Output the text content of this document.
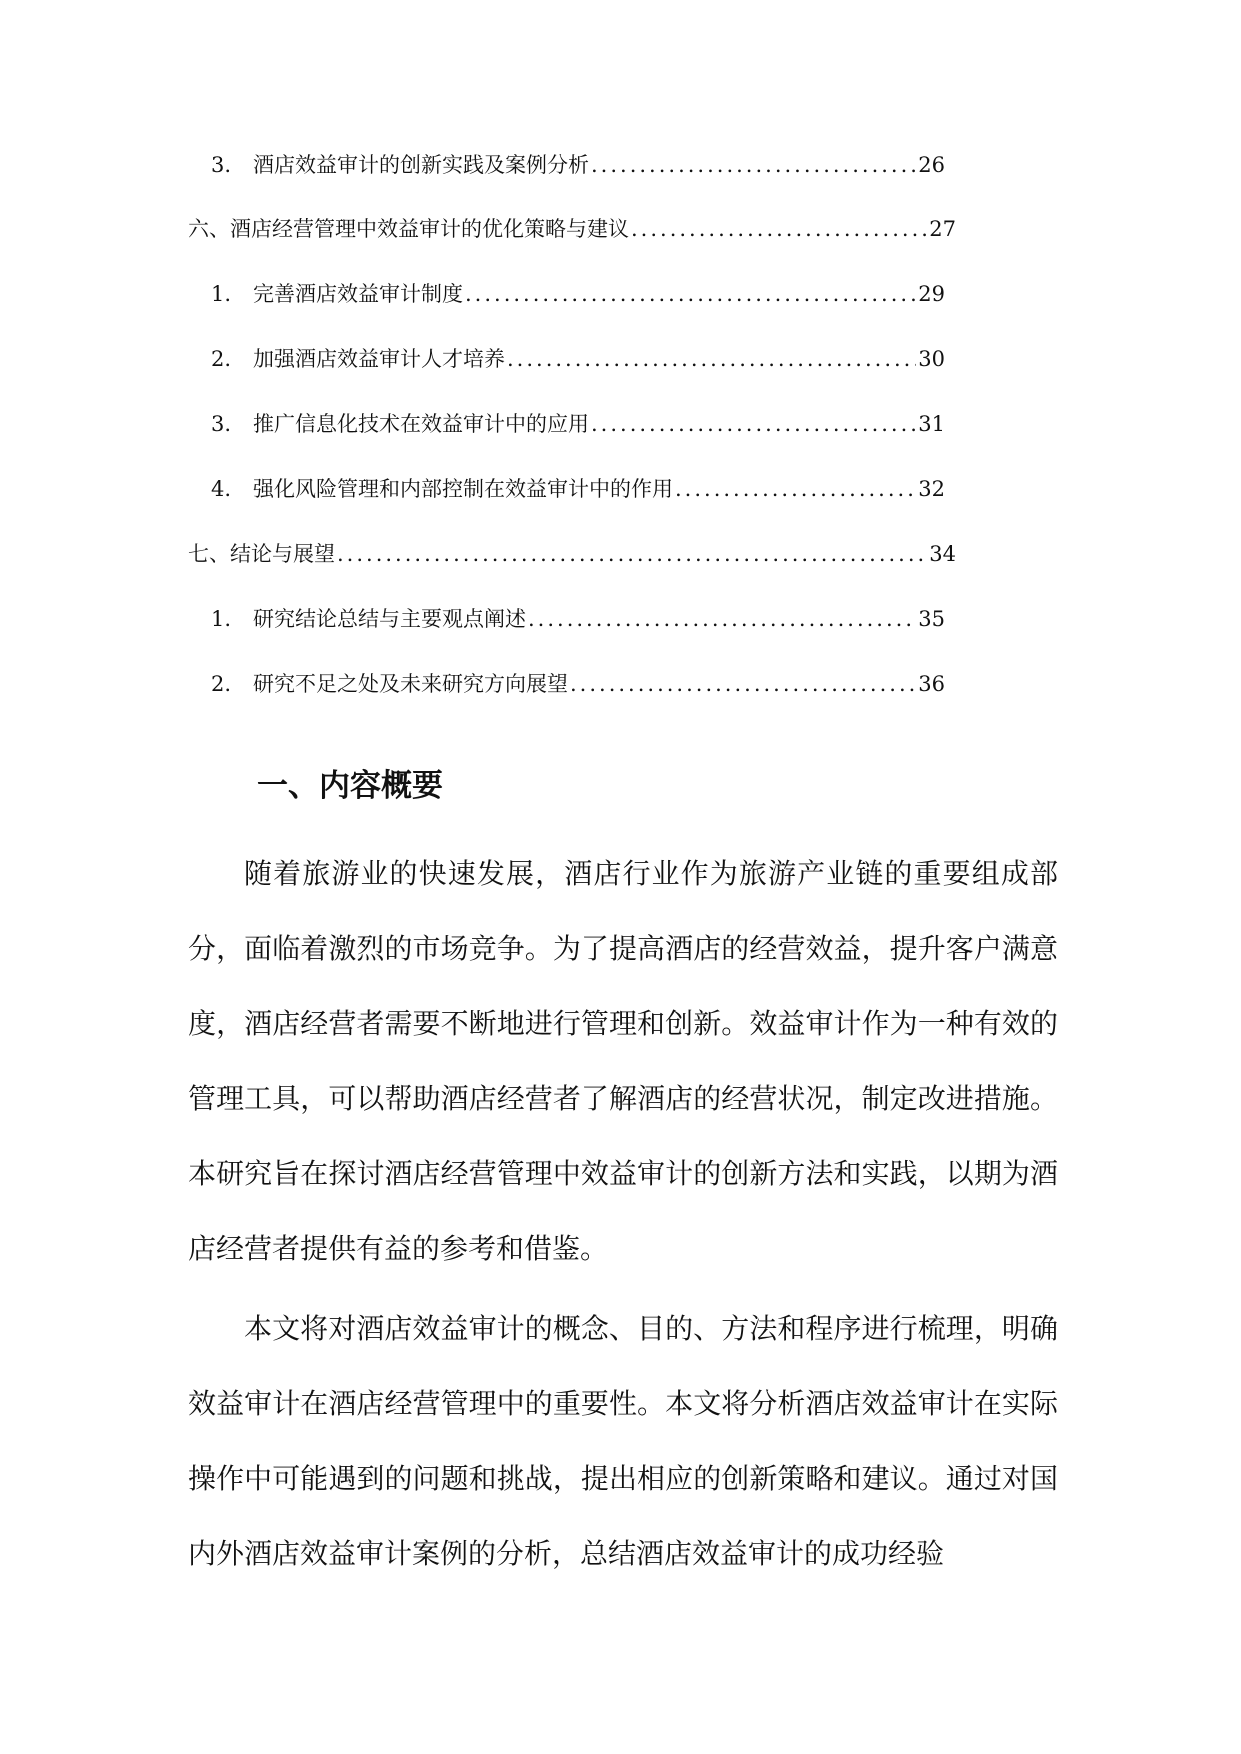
3.	酒店效益审计的创新实践及案例分析 .....	26
六、酒店经营管理中效益审计的优化策略与建议 .....	27
1.	完善酒店效益审计制度 .....	29
2.	加强酒店效益审计人才培养 .....	30
3.	推广信息化技术在效益审计中的应用 .....	31
4.	强化风险管理和内部控制在效益审计中的作用 .....	32
七、结论与展望 .....	34
1.	研究结论总结与主要观点阐述 .....	35
2.	研究不足之处及未来研究方向展望 .....	36
一、内容概要

随着旅游业的快速发展，酒店行业作为旅游产业链的重要组成部分，面临着激烈的市场竞争。为了提高酒店的经营效益，提升客户满意度，酒店经营者需要不断地进行管理和创新。效益审计作为一种有效的管理工具，可以帮助酒店经营者了解酒店的经营状况，制定改进措施。本研究旨在探讨酒店经营管理中效益审计的创新方法和实践，以期为酒店经营者提供有益的参考和借鉴。

本文将对酒店效益审计的概念、目的、方法和程序进行梳理，明确效益审计在酒店经营管理中的重要性。本文将分析酒店效益审计在实际操作中可能遇到的问题和挑战，提出相应的创新策略和建议。通过对国内外酒店效益审计案例的分析，总结酒店效益审计的成功经验
